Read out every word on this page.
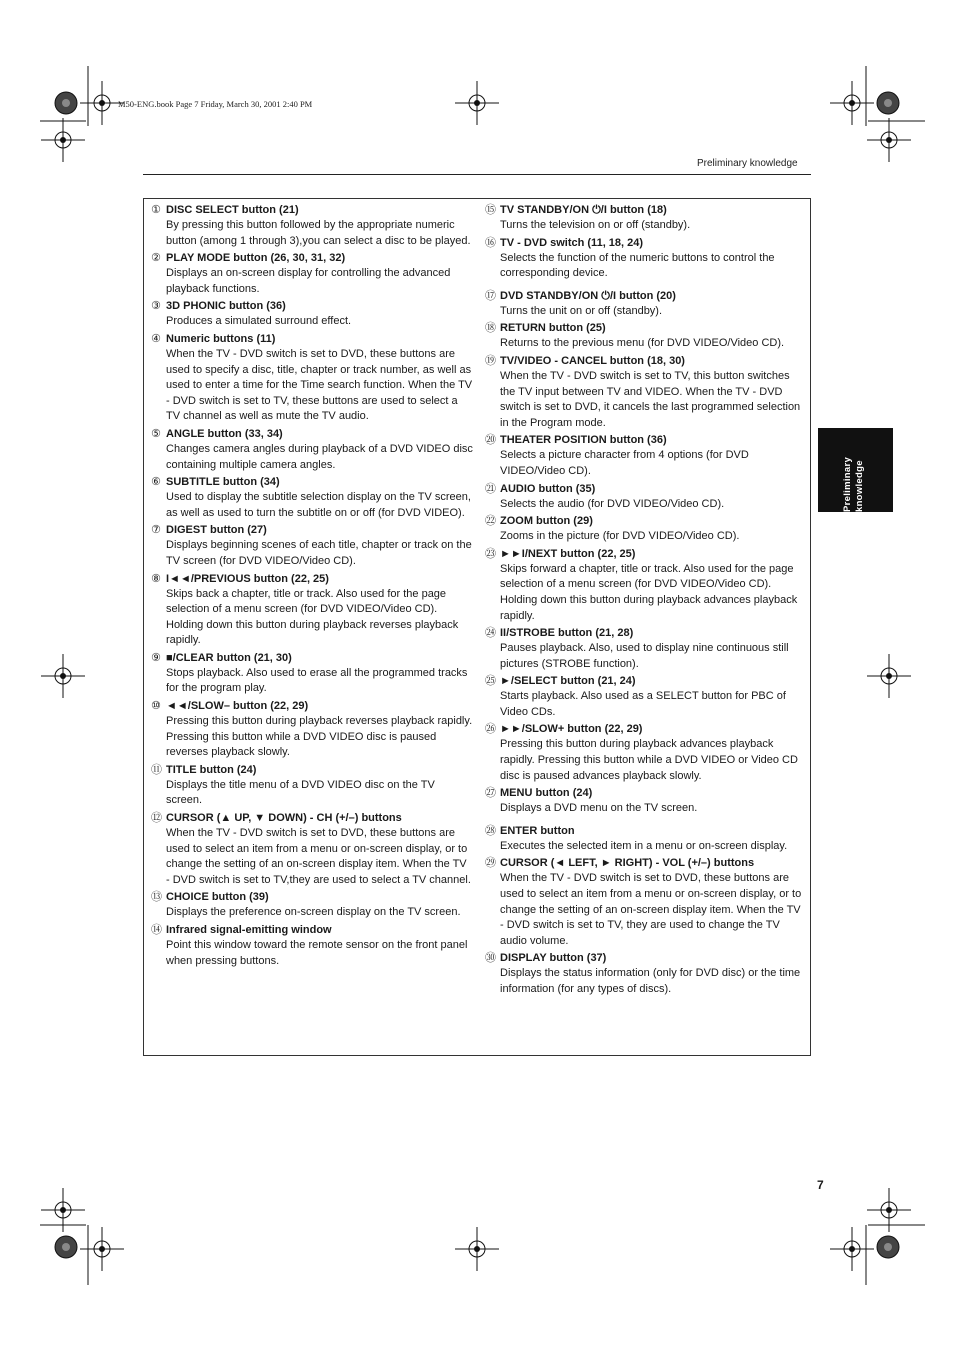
M50-ENG.book Page 7 Friday, March 30, 2001 2:40 PM
Preliminary knowledge
① DISC SELECT button (21)
By pressing this button followed by the appropriate numeric button (among 1 through 3),you can select a disc to be played.
② PLAY MODE button (26, 30, 31, 32)
Displays an on-screen display for controlling the advanced playback functions.
③ 3D PHONIC button (36)
Produces a simulated surround effect.
④ Numeric buttons (11)
When the TV - DVD switch is set to DVD, these buttons are used to specify a disc, title, chapter or track number, as well as used to enter a time for the Time search function. When the TV - DVD switch is set to TV, these buttons are used to select a TV channel as well as mute the TV audio.
⑤ ANGLE button (33, 34)
Changes camera angles during playback of a DVD VIDEO disc containing multiple camera angles.
⑥ SUBTITLE button (34)
Used to display the subtitle selection display on the TV screen, as well as used to turn the subtitle on or off (for DVD VIDEO).
⑦ DIGEST button (27)
Displays beginning scenes of each title, chapter or track on the TV screen (for DVD VIDEO/Video CD).
⑧ I◄◄/PREVIOUS button (22, 25)
Skips back a chapter, title or track. Also used for the page selection of a menu screen (for DVD VIDEO/Video CD). Holding down this button during playback reverses playback rapidly.
⑨ ■/CLEAR button (21, 30)
Stops playback. Also used to erase all the programmed tracks for the program play.
⑩ ◄◄/SLOW– button (22, 29)
Pressing this button during playback reverses playback rapidly. Pressing this button while a DVD VIDEO disc is paused reverses playback slowly.
⑪ TITLE button (24)
Displays the title menu of a DVD VIDEO disc on the TV screen.
⑫ CURSOR (▲ UP, ▼ DOWN) - CH (+/–) buttons
When the TV - DVD switch is set to DVD, these buttons are used to select an item from a menu or on-screen display, or to change the setting of an on-screen display item. When the TV - DVD switch is set to TV,they are used to select a TV channel.
⑬ CHOICE button (39)
Displays the preference on-screen display on the TV screen.
⑭ Infrared signal-emitting window
Point this window toward the remote sensor on the front panel when pressing buttons.
⑮ TV STANDBY/ON ⏻/I button (18)
Turns the television on or off (standby).
⑯ TV - DVD switch (11, 18, 24)
Selects the function of the numeric buttons to control the corresponding device.
⑰ DVD STANDBY/ON ⏻/I button (20)
Turns the unit on or off (standby).
⑱ RETURN button (25)
Returns to the previous menu (for DVD VIDEO/Video CD).
⑲ TV/VIDEO - CANCEL button (18, 30)
When the TV - DVD switch is set to TV, this button switches the TV input between TV and VIDEO. When the TV - DVD switch is set to DVD, it cancels the last programmed selection in the Program mode.
⑳ THEATER POSITION button (36)
Selects a picture character from 4 options (for DVD VIDEO/Video CD).
㉑ AUDIO button (35)
Selects the audio (for DVD VIDEO/Video CD).
㉒ ZOOM button (29)
Zooms in the picture (for DVD VIDEO/Video CD).
㉓ ►►I/NEXT button (22, 25)
Skips forward a chapter, title or track. Also used for the page selection of a menu screen (for DVD VIDEO/Video CD). Holding down this button during playback advances playback rapidly.
㉔ II/STROBE button (21, 28)
Pauses playback. Also, used to display nine continuous still pictures (STROBE function).
㉕ ►/SELECT button (21, 24)
Starts playback. Also used as a SELECT button for PBC of Video CDs.
㉖ ►►/SLOW+ button (22, 29)
Pressing this button during playback advances playback rapidly. Pressing this button while a DVD VIDEO or Video CD disc is paused advances playback slowly.
㉗ MENU button (24)
Displays a DVD menu on the TV screen.
㉘ ENTER button
Executes the selected item in a menu or on-screen display.
㉙ CURSOR (◄ LEFT, ► RIGHT) - VOL (+/–) buttons
When the TV - DVD switch is set to DVD, these buttons are used to select an item from a menu or on-screen display, or to change the setting of an on-screen display item. When the TV - DVD switch is set to TV, they are used to change the TV audio volume.
㉚ DISPLAY button (37)
Displays the status information (only for DVD disc) or the time information (for any types of discs).
Preliminary knowledge
7
